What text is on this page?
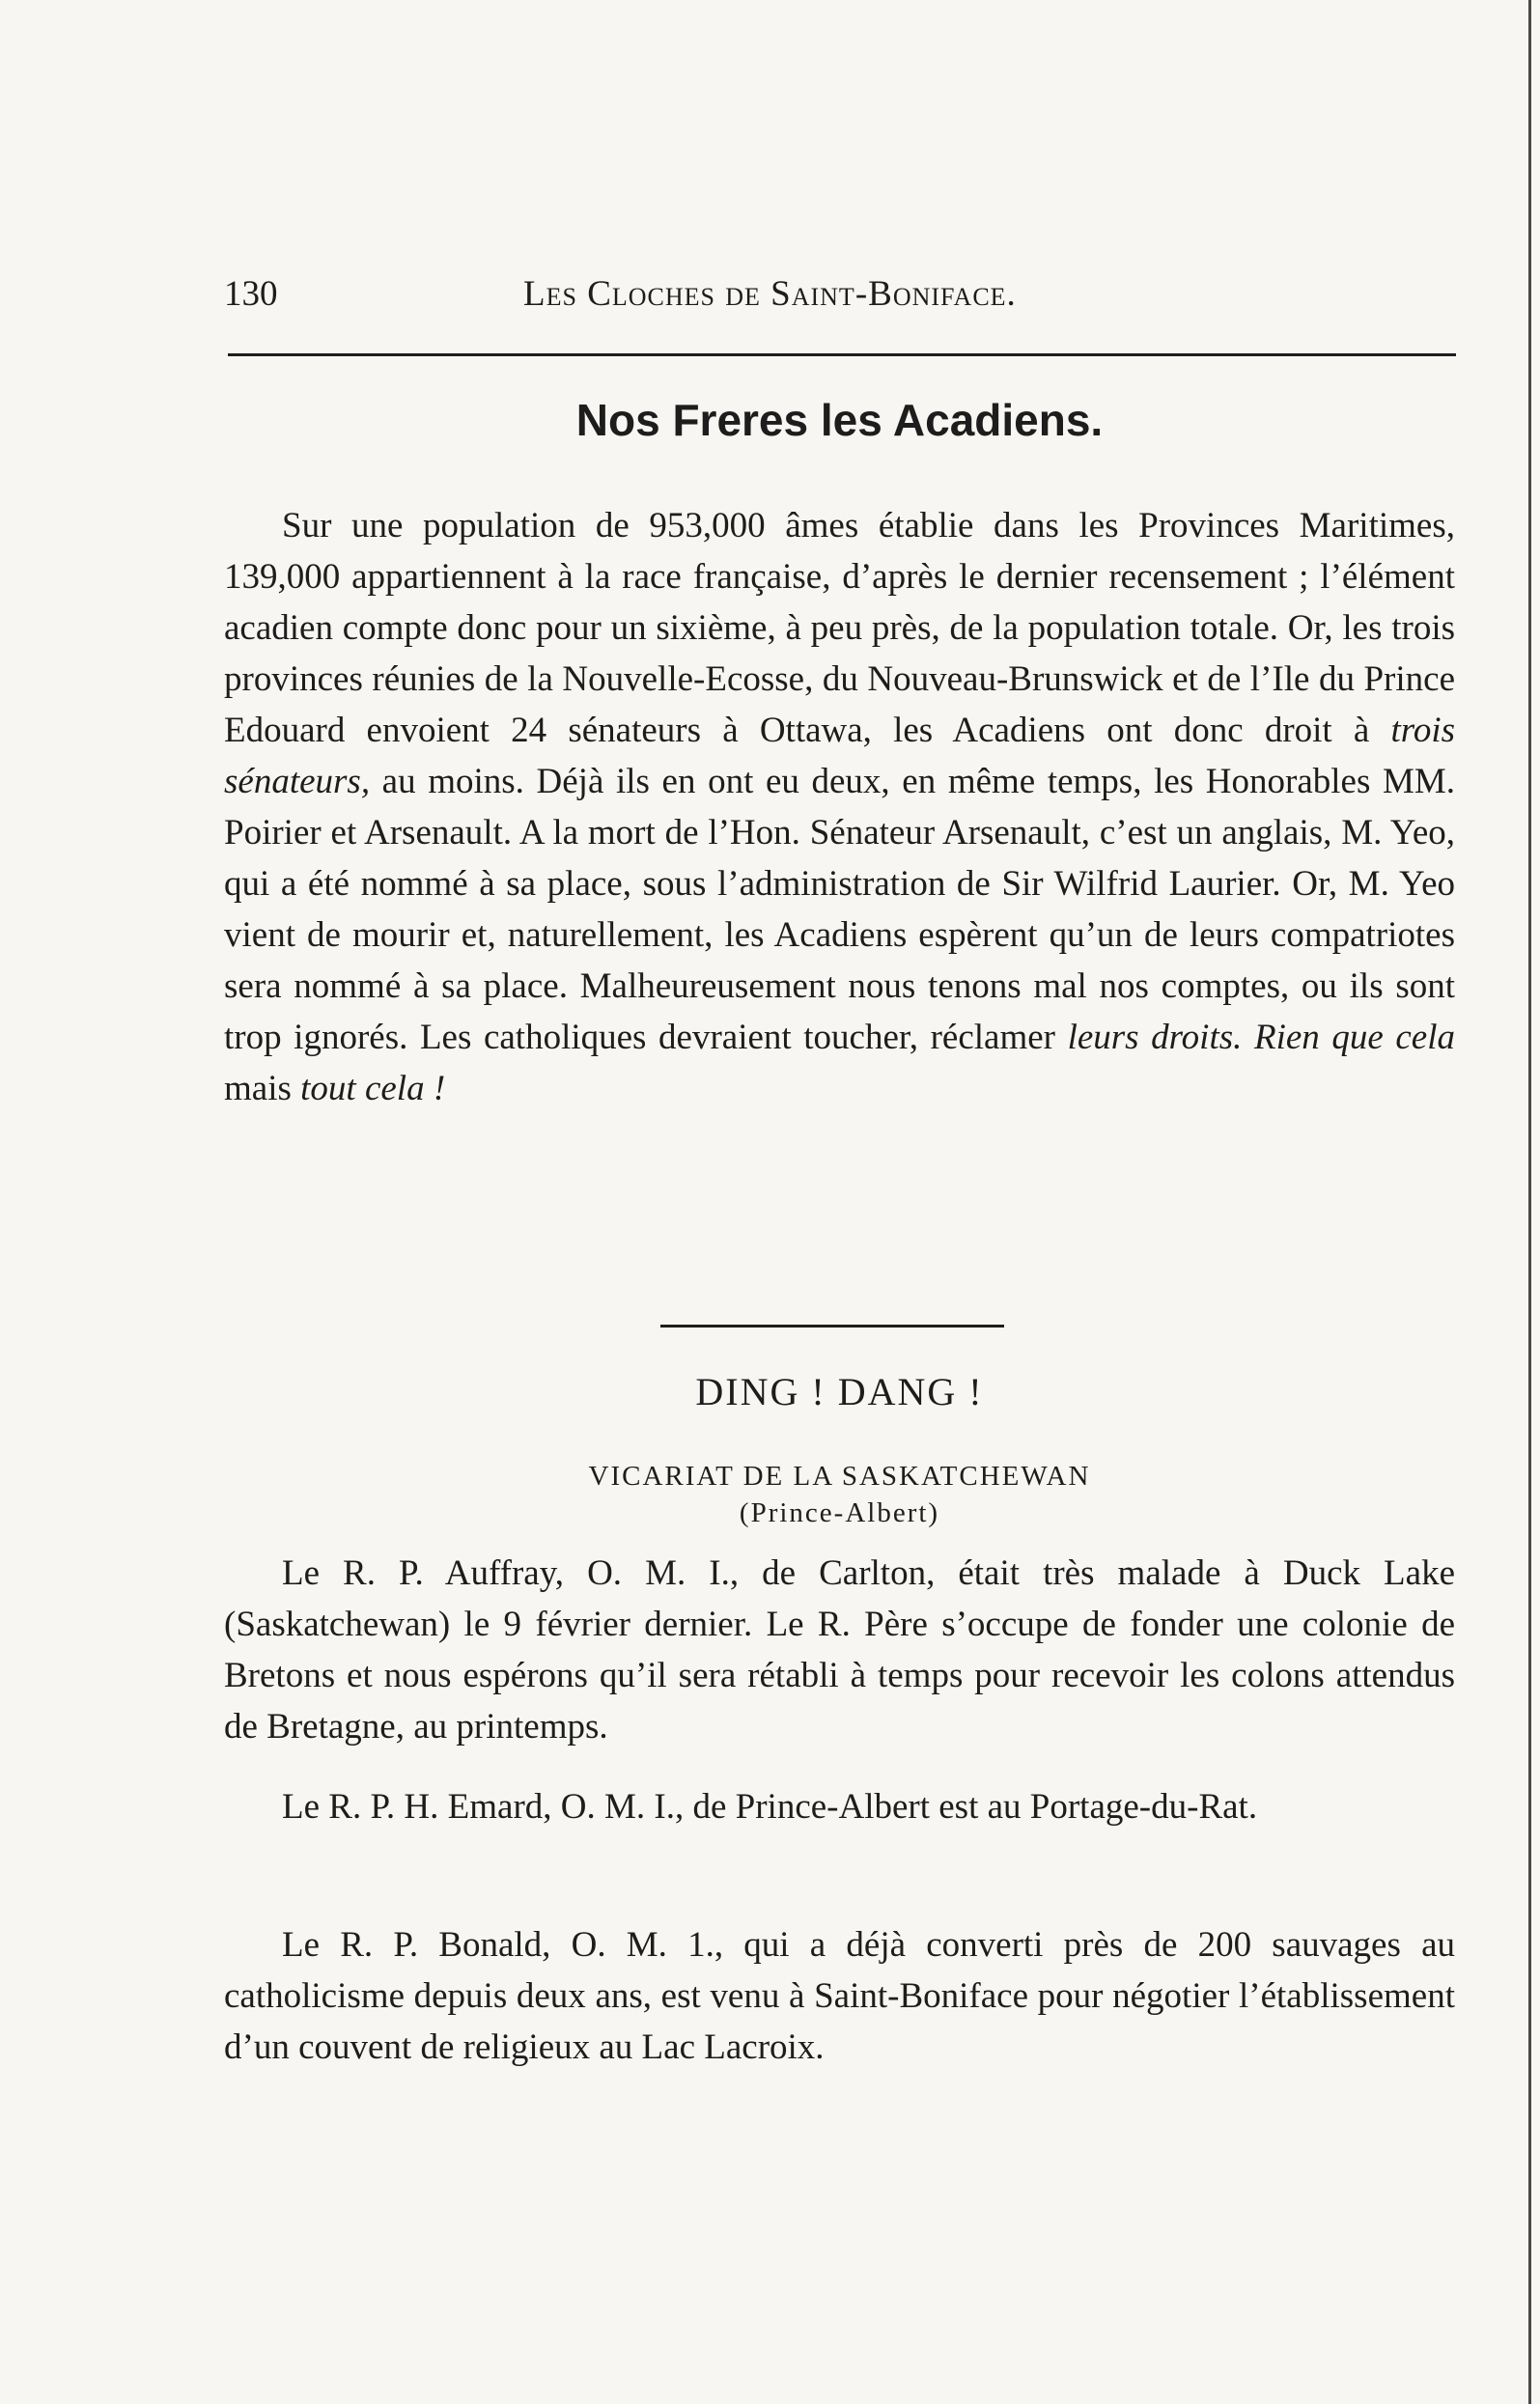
130	Les Cloches de Saint-Boniface.
Nos Freres les Acadiens.

Sur une population de 953,000 âmes établie dans les Provinces Maritimes, 139,000 appartiennent à la race française, d’après le dernier recensement ; l’élément acadien compte donc pour un sixième, à peu près, de la population totale. Or, les trois provinces réunies de la Nouvelle-Ecosse, du Nouveau-Brunswick et de l’Ile du Prince Edouard envoient 24 sénateurs à Ottawa, les Acadiens ont donc droit à trois sénateurs, au moins. Déjà ils en ont eu deux, en même temps, les Honorables MM. Poirier et Arsenault. A la mort de l’Hon. Sénateur Arsenault, c’est un anglais, M. Yeo, qui a été nommé à sa place, sous l’administration de Sir Wilfrid Laurier. Or, M. Yeo vient de mourir et, naturellement, les Acadiens espèrent qu’un de leurs compatriotes sera nommé à sa place. Malheureusement nous tenons mal nos comptes, ou ils sont trop ignorés. Les catholiques devraient toucher, réclamer leurs droits. Rien que cela mais tout cela !

DING ! DANG !
VICARIAT DE LA SASKATCHEWAN
(Prince-Albert)

Le R. P. Auffray, O. M. I., de Carlton, était très malade à Duck Lake (Saskatchewan) le 9 février dernier. Le R. Père s’occupe de fonder une colonie de Bretons et nous espérons qu’il sera rétabli à temps pour recevoir les colons attendus de Bretagne, au printemps.

Le R. P. H. Emard, O. M. I., de Prince-Albert est au Portage-du-Rat.

Le R. P. Bonald, O. M. 1., qui a déjà converti près de 200 sauvages au catholicisme depuis deux ans, est venu à Saint-Boniface pour négotier l’établissement d’un couvent de religieux au Lac Lacroix.
